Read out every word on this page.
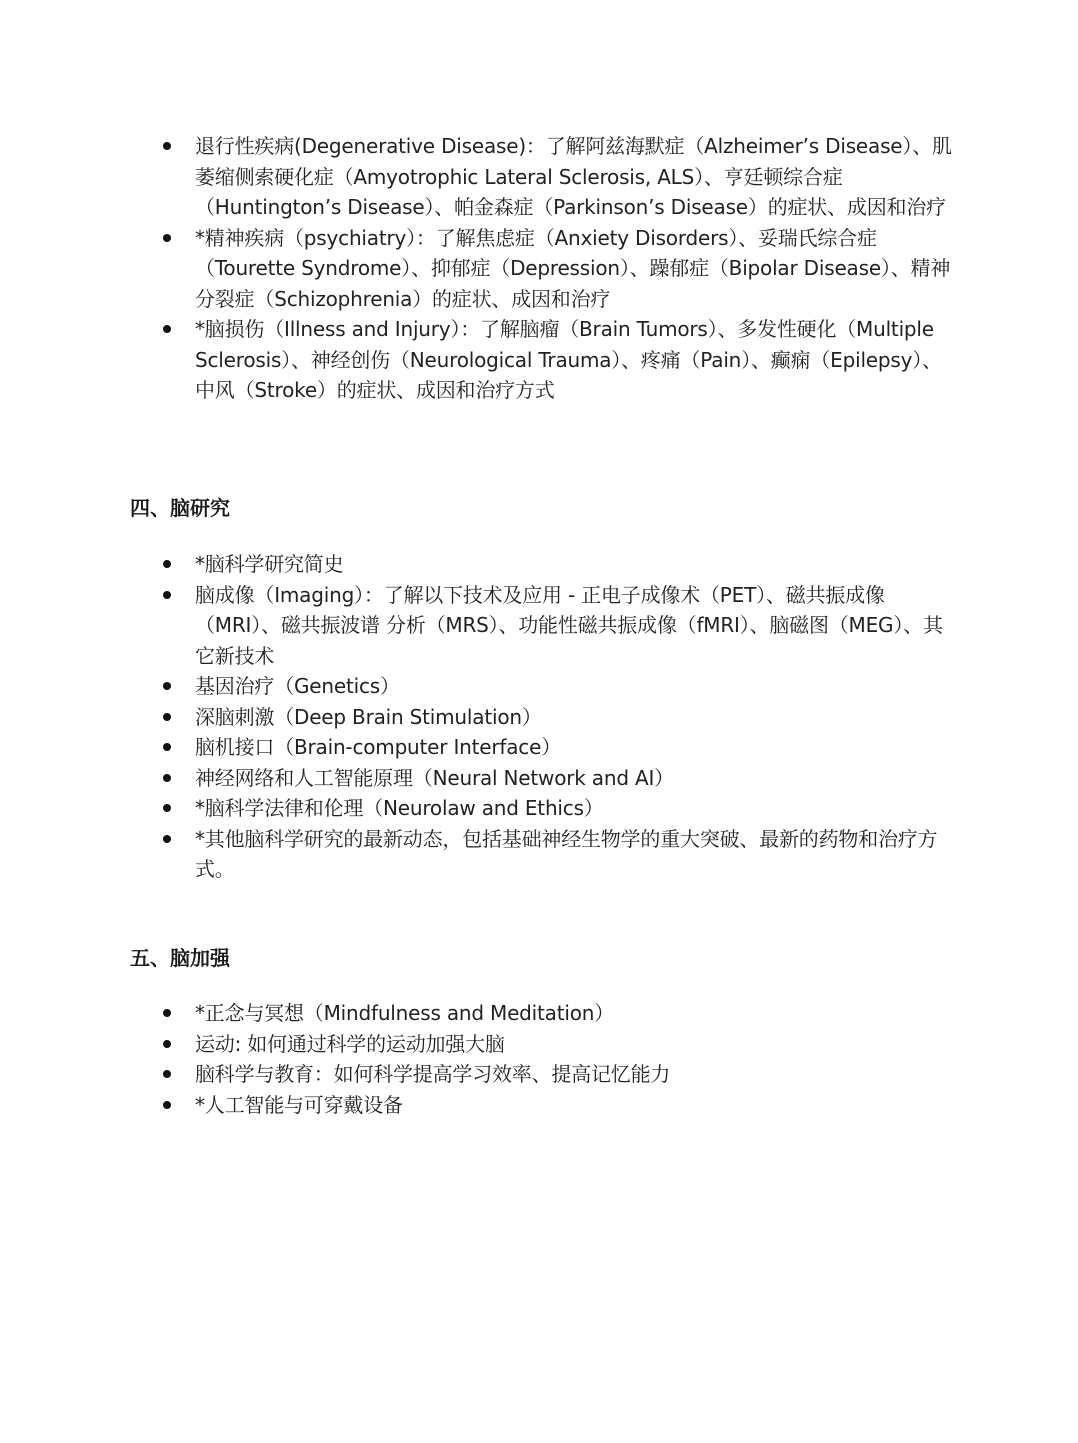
退行性疾病(Degenerative Disease)：了解阿兹海默症（Alzheimer’s Disease）、肌萎缩侧索硬化症（Amyotrophic Lateral Sclerosis, ALS）、亨廷顿综合症（Huntington’s Disease）、帕金森症（Parkinson’s Disease）的症状、成因和治疗
*精神疾病（psychiatry）：了解焦虑症（Anxiety Disorders）、妥瑞氏综合症（Tourette Syndrome）、抑郁症（Depression）、躁郁症（Bipolar Disease）、精神分裂症（Schizophrenia）的症状、成因和治疗
*脑损伤（Illness and Injury）：了解脑瘤（Brain Tumors）、多发性硬化（Multiple Sclerosis）、神经创伤（Neurological Trauma）、疼痛（Pain）、癫痫（Epilepsy）、中风（Stroke）的症状、成因和治疗方式
四、脑研究
*脑科学研究简史
脑成像（Imaging）：了解以下技术及应用 - 正电子成像术（PET）、磁共振成像（MRI）、磁共振波谱 分析（MRS）、功能性磁共振成像（fMRI）、脑磁图（MEG）、其它新技术
基因治疗（Genetics）
深脑刺激（Deep Brain Stimulation）
脑机接口（Brain-computer Interface）
神经网络和人工智能原理（Neural Network and AI）
*脑科学法律和伦理（Neurolaw and Ethics）
*其他脑科学研究的最新动态，包括基础神经生物学的重大突破、最新的药物和治疗方式。
五、脑加强
*正念与冥想（Mindfulness and Meditation）
运动: 如何通过科学的运动加强大脑
脑科学与教育：如何科学提高学习效率、提高记忆能力
*人工智能与可穿戴设备
